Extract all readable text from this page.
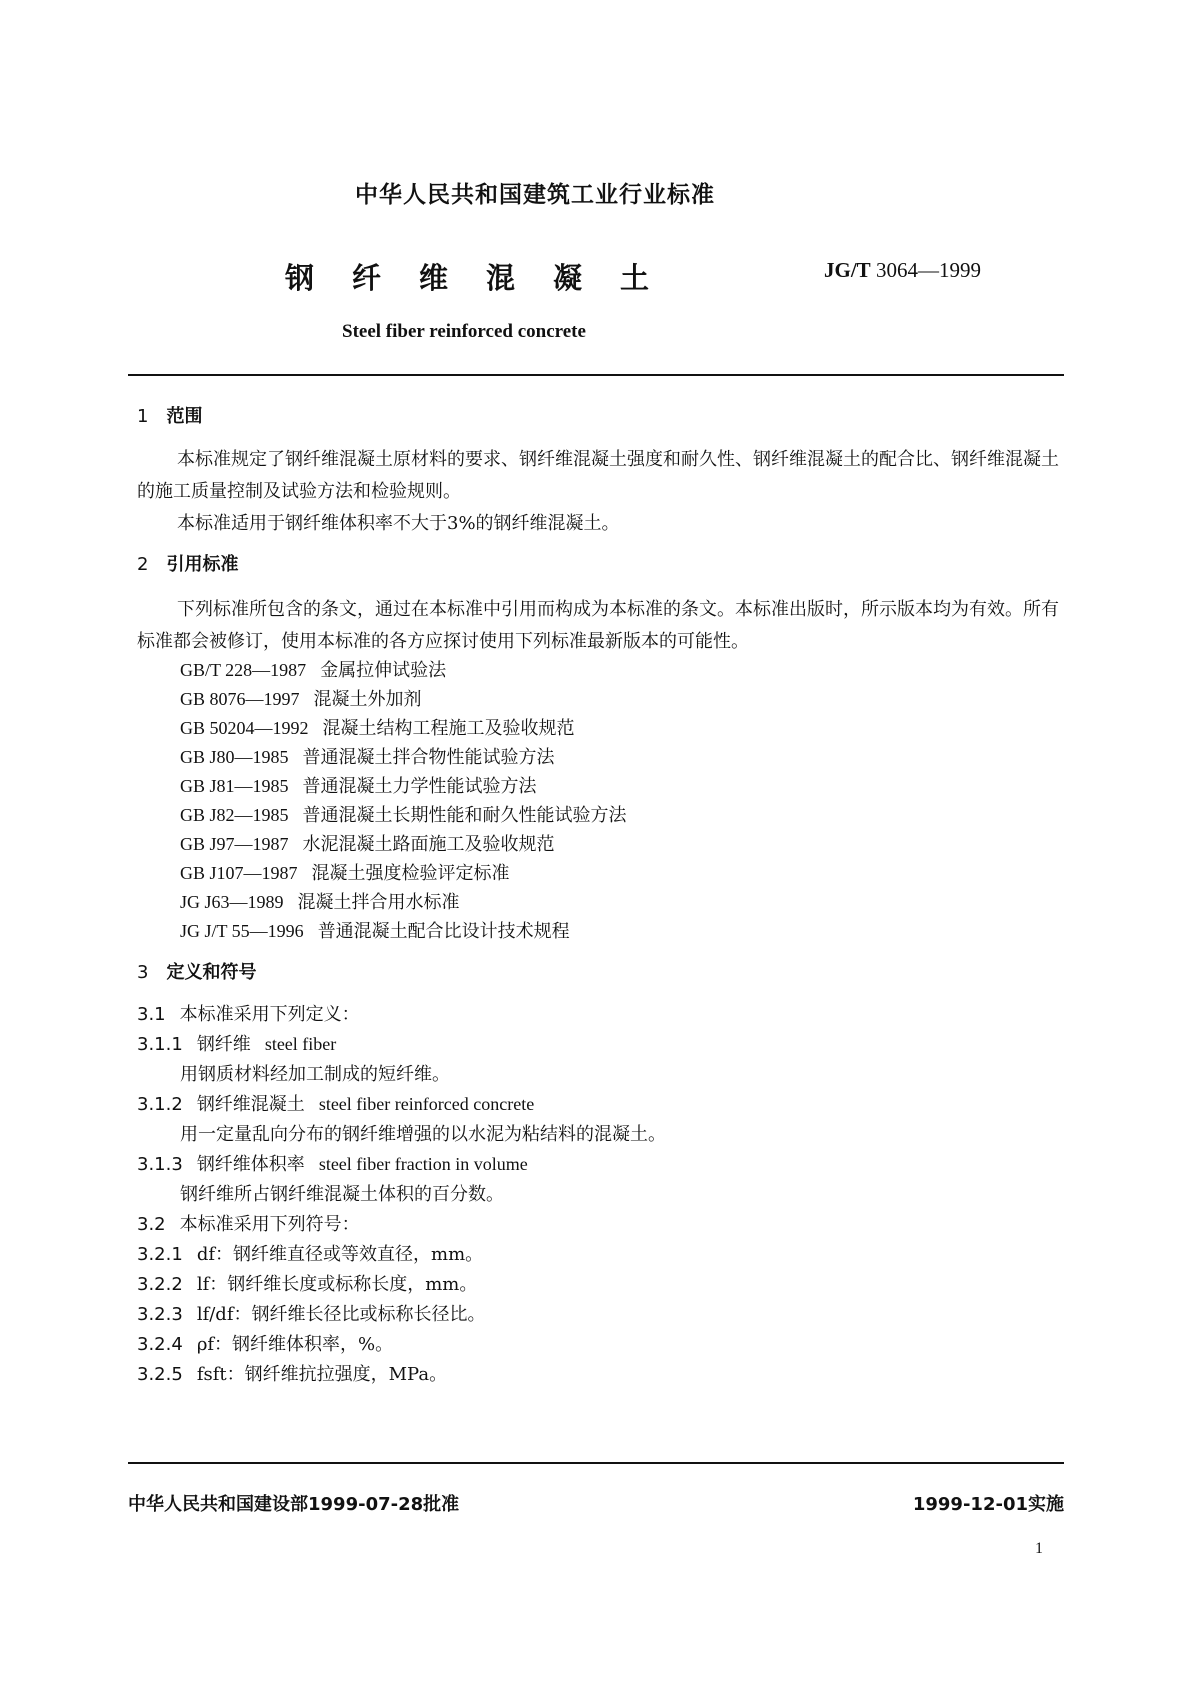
中华人民共和国建筑工业行业标准
钢纤维混凝土	JG/T 3064—1999
Steel fiber reinforced concrete
1 范围
本标准规定了钢纤维混凝土原材料的要求、钢纤维混凝土强度和耐久性、钢纤维混凝土的配合比、钢纤维混凝土的施工质量控制及试验方法和检验规则。
本标准适用于钢纤维体积率不大于3%的钢纤维混凝土。
2 引用标准
下列标准所包含的条文，通过在本标准中引用而构成为本标准的条文。本标准出版时，所示版本均为有效。所有标准都会被修订，使用本标准的各方应探讨使用下列标准最新版本的可能性。
GB/T 228—1987 金属拉伸试验法
GB 8076—1997 混凝土外加剂
GB 50204—1992 混凝土结构工程施工及验收规范
GB J80—1985 普通混凝土拌合物性能试验方法
GB J81—1985 普通混凝土力学性能试验方法
GB J82—1985 普通混凝土长期性能和耐久性能试验方法
GB J97—1987 水泥混凝土路面施工及验收规范
GB J107—1987 混凝土强度检验评定标准
JG J63—1989 混凝土拌合用水标准
JG J/T 55—1996 普通混凝土配合比设计技术规程
3 定义和符号
3.1 本标准采用下列定义：
3.1.1 钢纤维 steel fiber
用钢质材料经加工制成的短纤维。
3.1.2 钢纤维混凝土 steel fiber reinforced concrete
用一定量乱向分布的钢纤维增强的以水泥为粘结料的混凝土。
3.1.3 钢纤维体积率 steel fiber fraction in volume
钢纤维所占钢纤维混凝土体积的百分数。
3.2 本标准采用下列符号：
3.2.1 df：钢纤维直径或等效直径，mm。
3.2.2 lf：钢纤维长度或标称长度，mm。
3.2.3 lf/df：钢纤维长径比或标称长径比。
3.2.4 ρf：钢纤维体积率，%。
3.2.5 fsft：钢纤维抗拉强度，MPa。
中华人民共和国建设部1999-07-28批准	1999-12-01实施
1
